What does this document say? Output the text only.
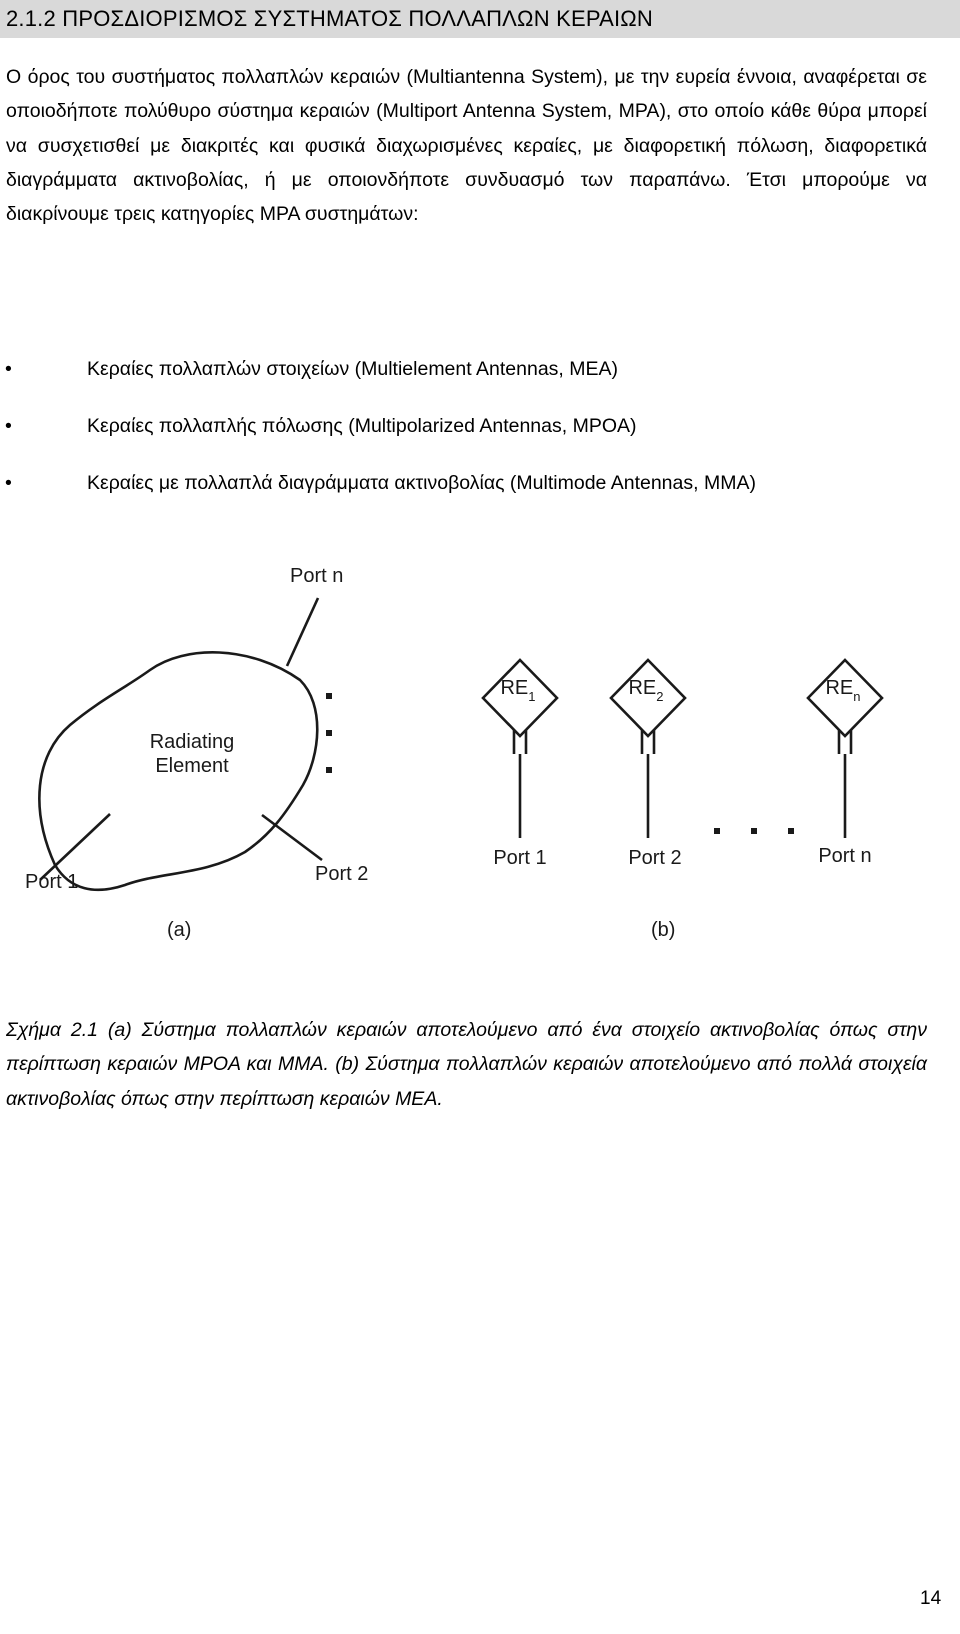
2.1.2 ΠΡΟΣΔΙΟΡΙΣΜΟΣ ΣΥΣΤΗΜΑΤΟΣ ΠΟΛΛΑΠΛΩΝ ΚΕΡΑΙΩΝ

Ο όρος του συστήματος πολλαπλών κεραιών (Multiantenna System), με την ευρεία έννοια, αναφέρεται σε οποιοδήποτε πολύθυρο σύστημα κεραιών (Multiport Antenna System, MPA), στο οποίο κάθε θύρα μπορεί να συσχετισθεί με διακριτές και φυσικά διαχωρισμένες κεραίες, με διαφορετική πόλωση, διαφορετικά διαγράμματα ακτινοβολίας, ή με οποιονδήποτε συνδυασμό των παραπάνω. Έτσι μπορούμε να διακρίνουμε τρεις κατηγορίες MPA συστημάτων:

•	Κεραίες πολλαπλών στοιχείων (Multielement Antennas, MEA)
•	Κεραίες πολλαπλής πόλωσης (Multipolarized Antennas, MPOA)
•	Κεραίες με πολλαπλά διαγράμματα ακτινοβολίας (Multimode Antennas, MMA)
Port n
Radiating
Element
Port 1	Port 2
(a)
$RE_1$	$RE_2$	$RE_n$
Port 1	Port 2	Port n
(b)

Σχήμα 2.1 (a) Σύστημα πολλαπλών κεραιών αποτελούμενο από ένα στοιχείο ακτινοβολίας όπως στην περίπτωση κεραιών MPOA και MMA. (b) Σύστημα πολλαπλών κεραιών αποτελούμενο από πολλά στοιχεία ακτινοβολίας όπως στην περίπτωση κεραιών MEA.

14
